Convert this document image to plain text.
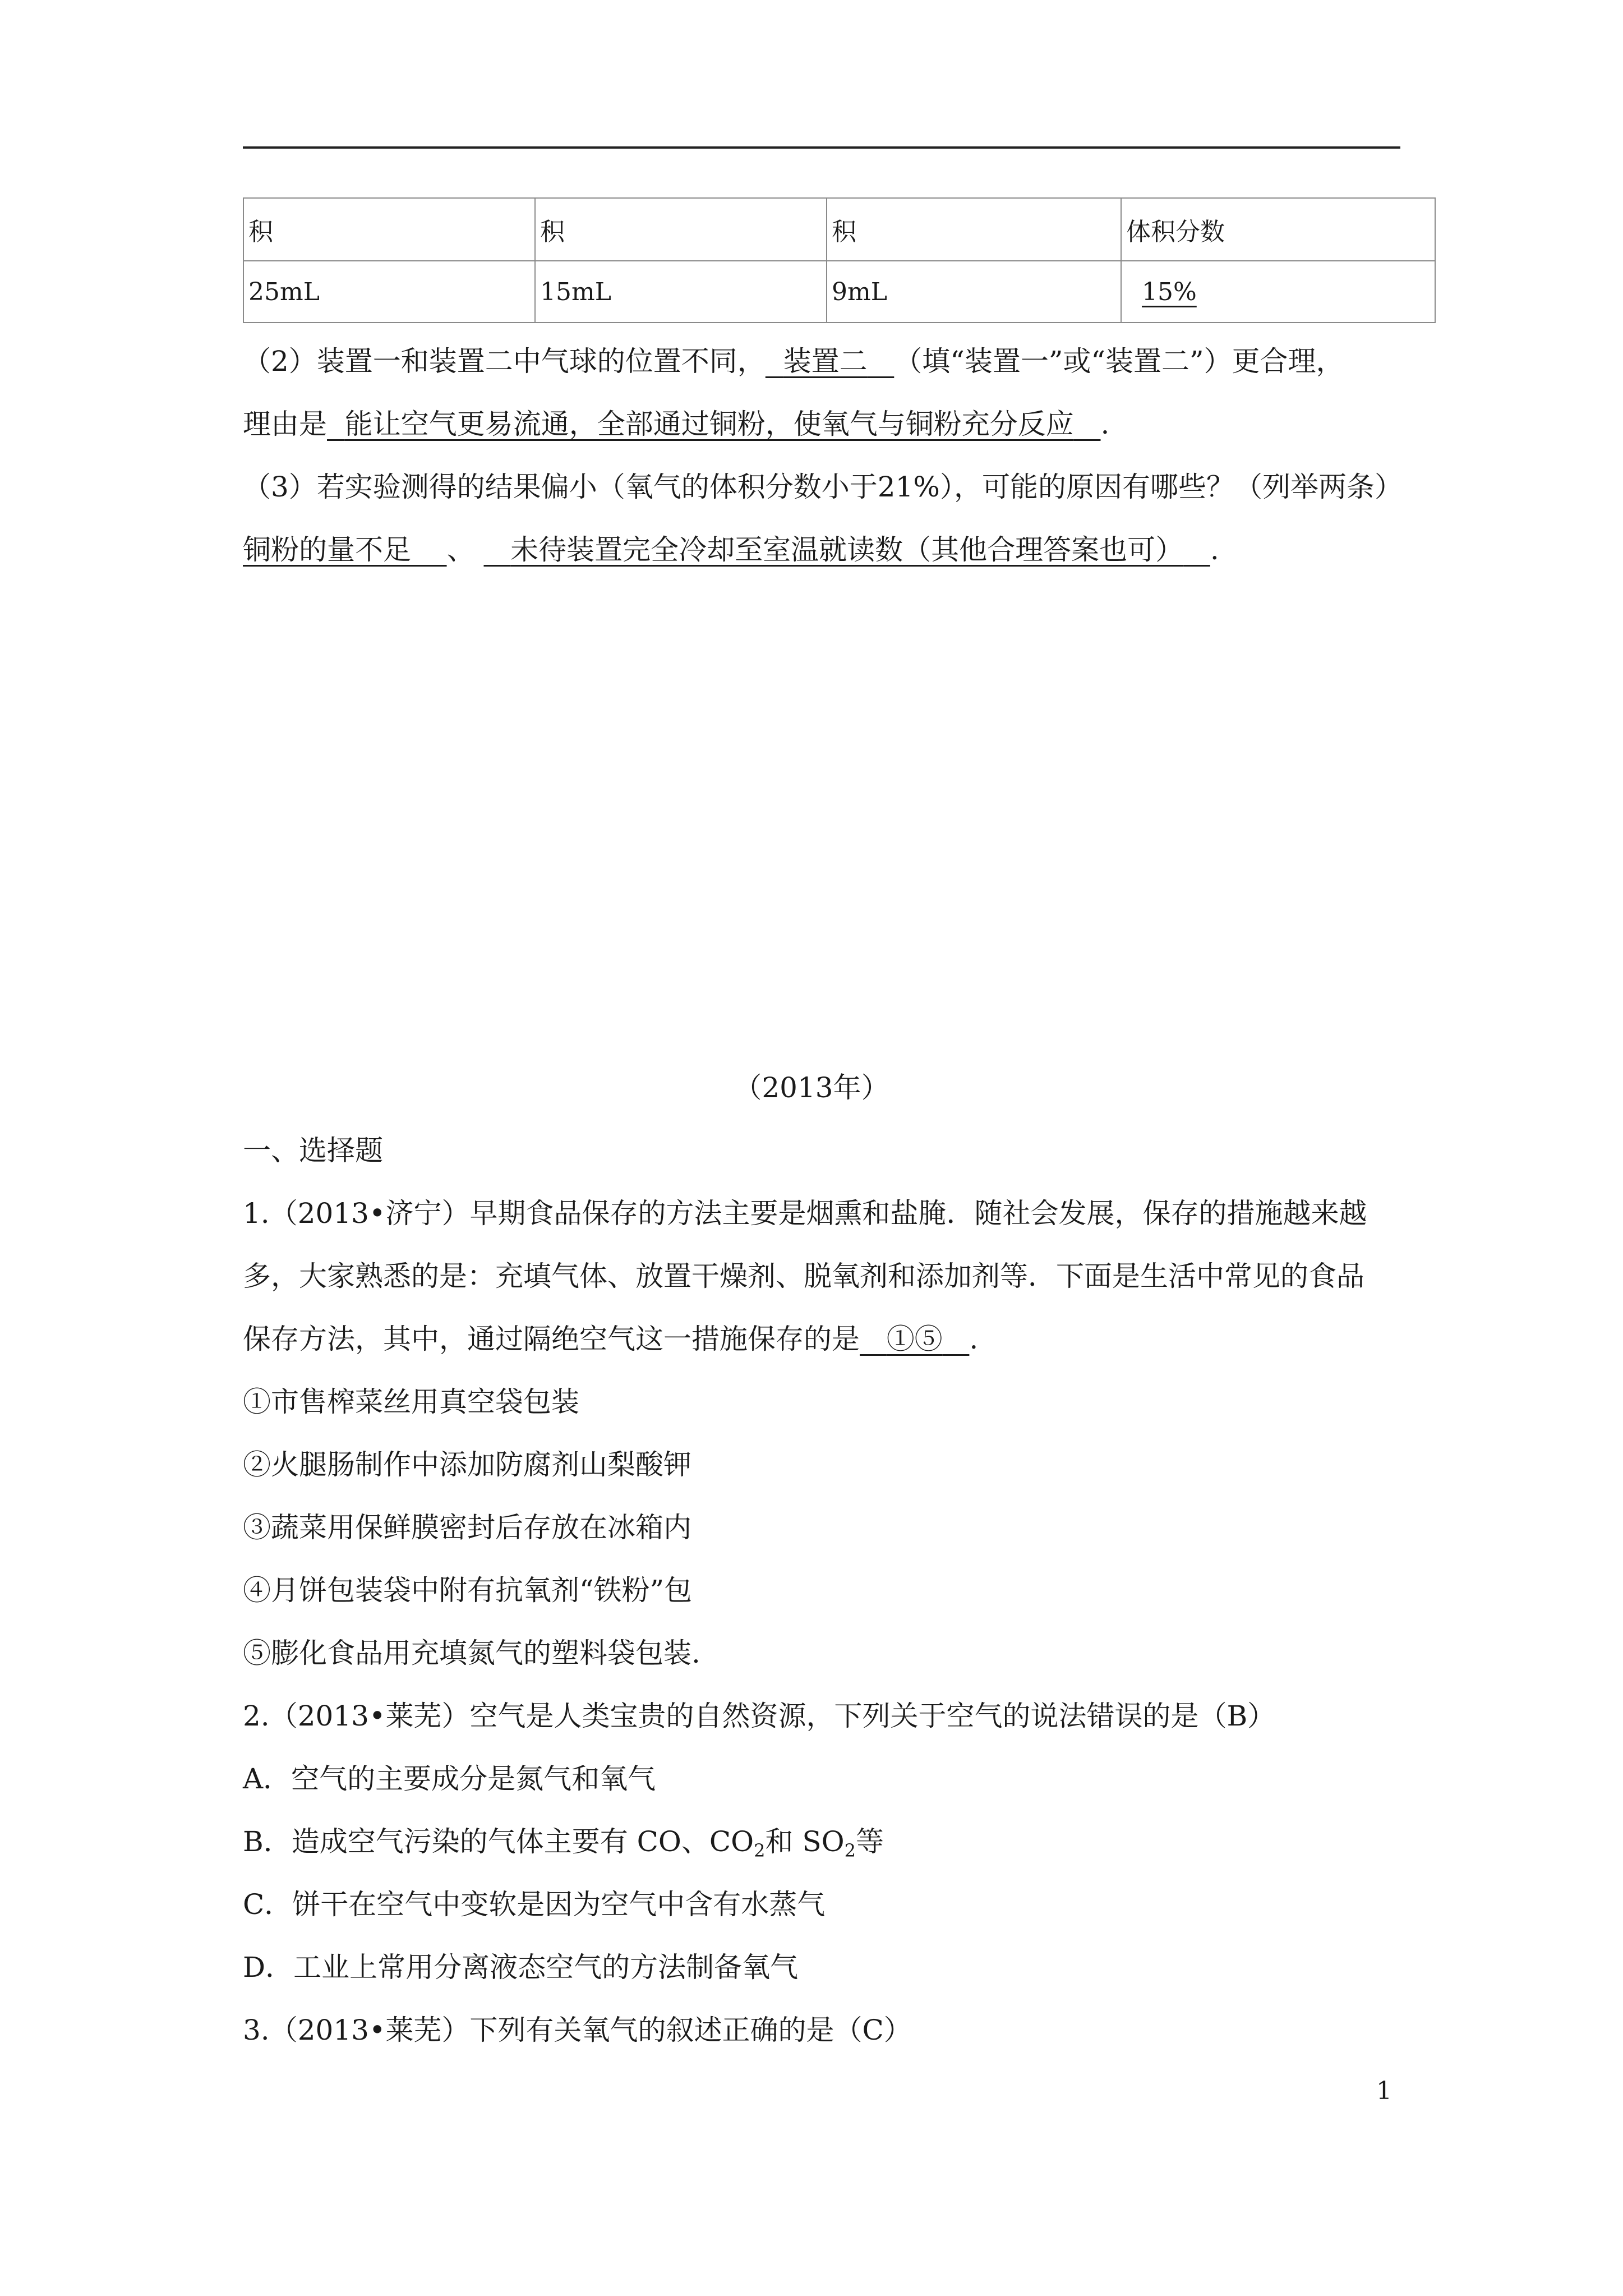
积	积	积	体积分数
25mL	15mL	9mL	15%
（2）装置一和装置二中气球的位置不同， 装置二 （填“装置一”或“装置二”）更合理，
理由是 能让空气更易流通，全部通过铜粉，使氧气与铜粉充分反应 .
（3）若实验测得的结果偏小（氧气的体积分数小于21%），可能的原因有哪些？（列举两条）
铜粉的量不足 、 未待装置完全冷却至室温就读数（其他合理答案也可） .
（2013年）
一、选择题
1.（2013•济宁）早期食品保存的方法主要是烟熏和盐腌．随社会发展，保存的措施越来越
多，大家熟悉的是：充填气体、放置干燥剂、脱氧剂和添加剂等．下面是生活中常见的食品
保存方法，其中，通过隔绝空气这一措施保存的是 ①⑤ .
①市售榨菜丝用真空袋包装
②火腿肠制作中添加防腐剂山梨酸钾
③蔬菜用保鲜膜密封后存放在冰箱内
④月饼包装袋中附有抗氧剂“铁粉”包
⑤膨化食品用充填氮气的塑料袋包装.
2.（2013•莱芜）空气是人类宝贵的自然资源，下列关于空气的说法错误的是（B）
A．空气的主要成分是氮气和氧气
B．造成空气污染的气体主要有 CO、$CO_2$和 $SO_2$等
C．饼干在空气中变软是因为空气中含有水蒸气
D．工业上常用分离液态空气的方法制备氧气
3.（2013•莱芜）下列有关氧气的叙述正确的是（C）
1
